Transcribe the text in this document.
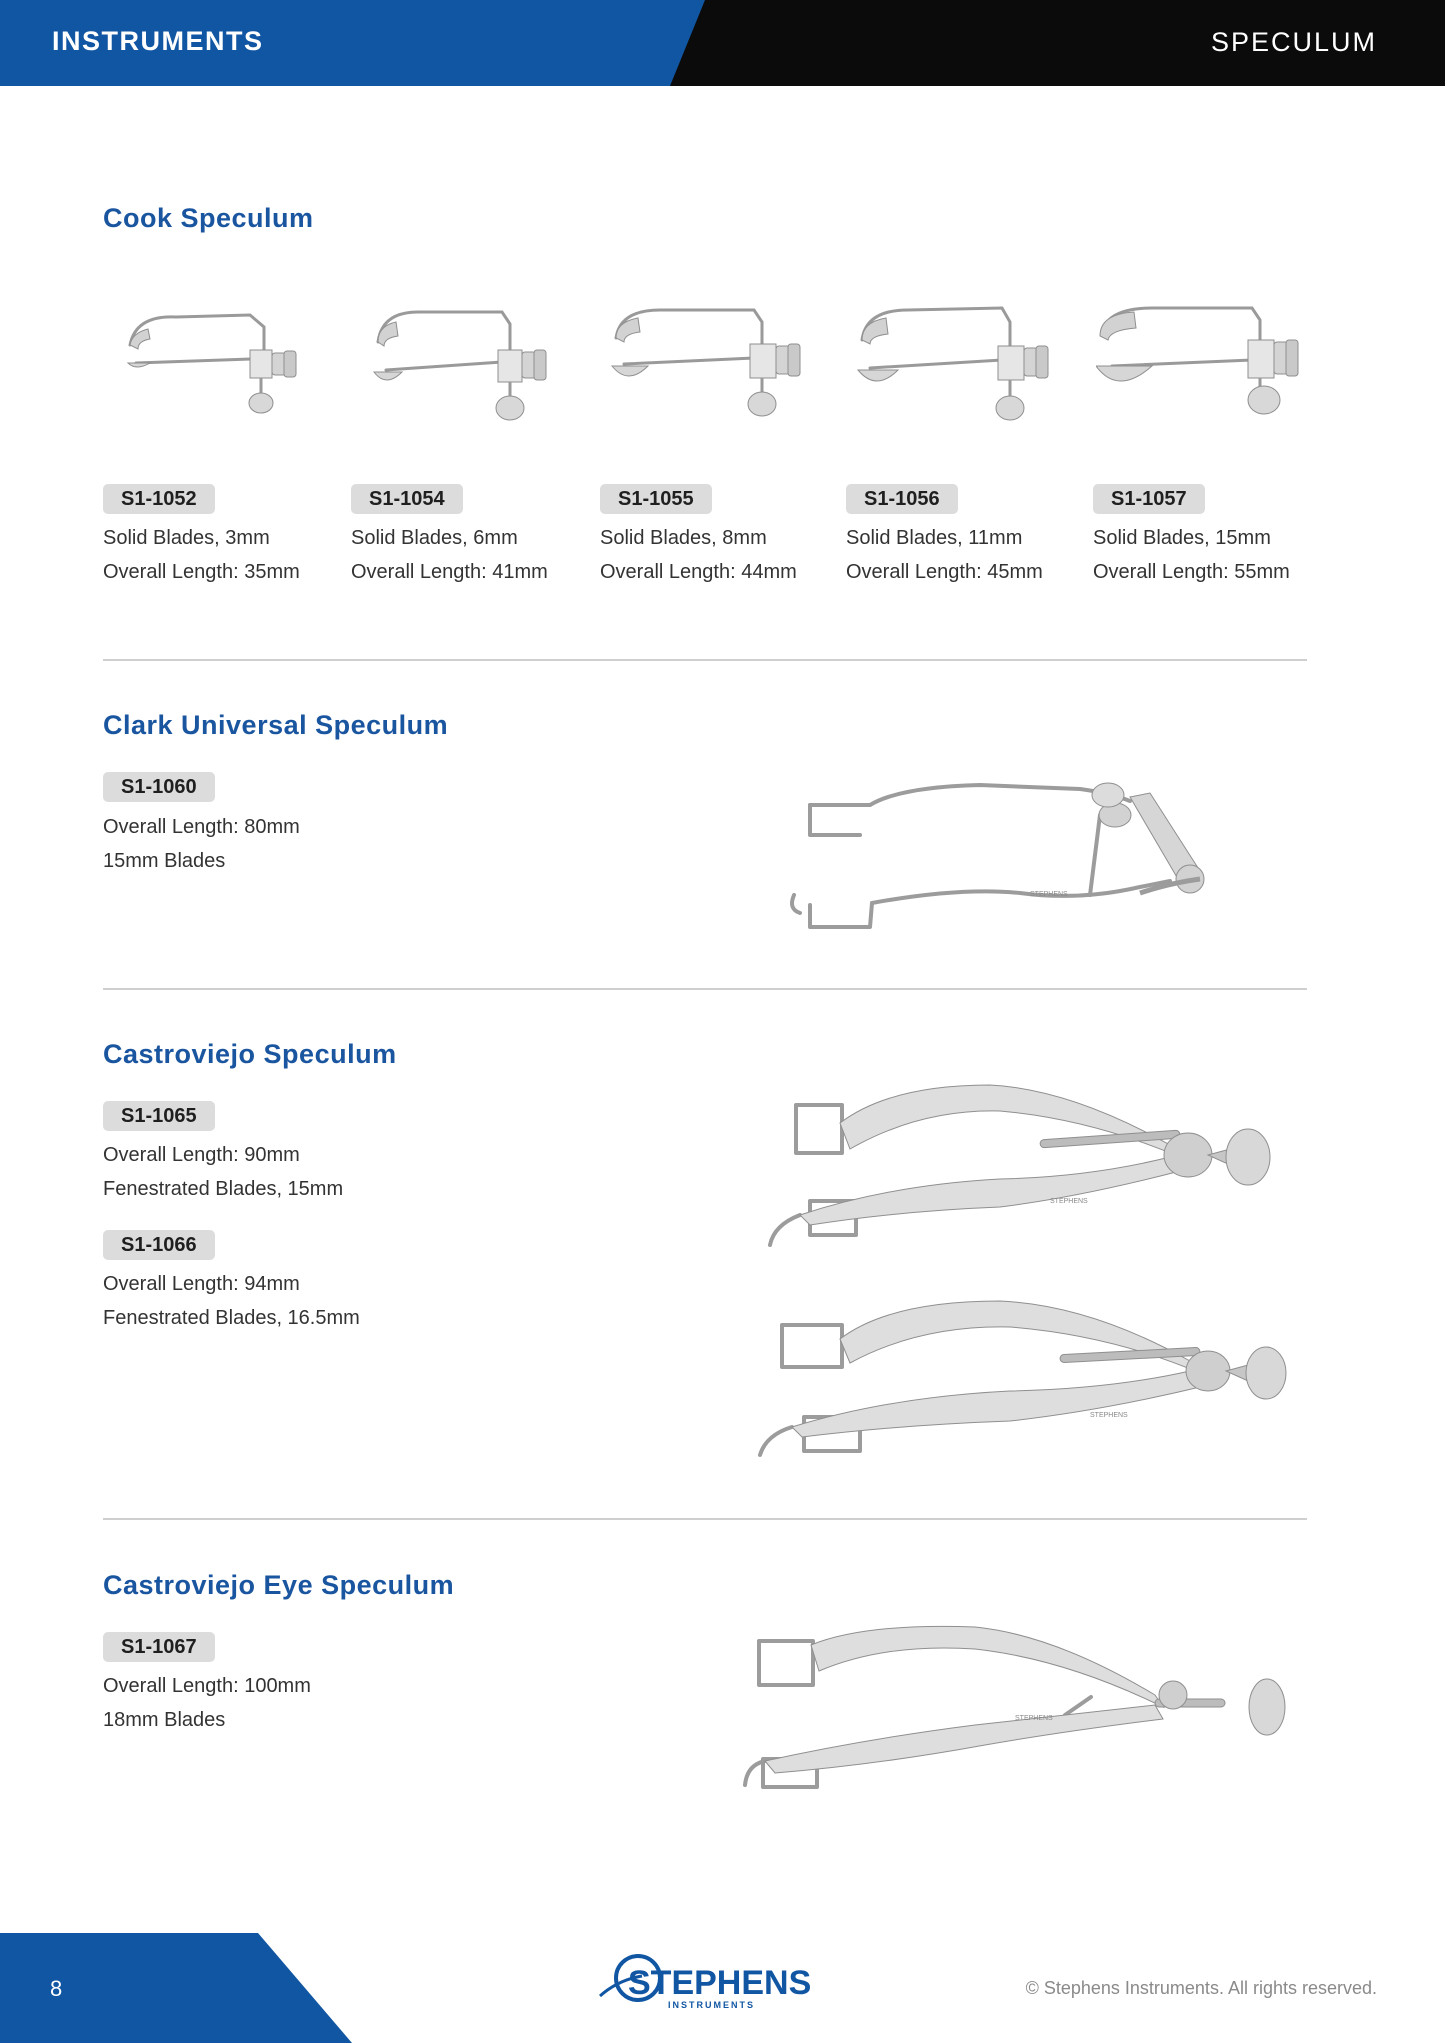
INSTRUMENTS	SPECULUM
Cook Speculum
S1-1052
Solid Blades, 3mm
Overall Length: 35mm
S1-1054
Solid Blades, 6mm
Overall Length: 41mm
S1-1055
Solid Blades, 8mm
Overall Length: 44mm
S1-1056
Solid Blades, 11mm
Overall Length: 45mm
S1-1057
Solid Blades, 15mm
Overall Length: 55mm
Clark Universal Speculum
S1-1060
Overall Length: 80mm
15mm Blades
STEPHENS
Castroviejo Speculum
S1-1065
Overall Length: 90mm
Fenestrated Blades, 15mm
S1-1066
Overall Length: 94mm
Fenestrated Blades, 16.5mm
STEPHENS
STEPHENS
Castroviejo Eye Speculum
S1-1067
Overall Length: 100mm
18mm Blades	STEPHENS
8	STEPHENS
INSTRUMENTS
© Stephens Instruments. All rights reserved.
